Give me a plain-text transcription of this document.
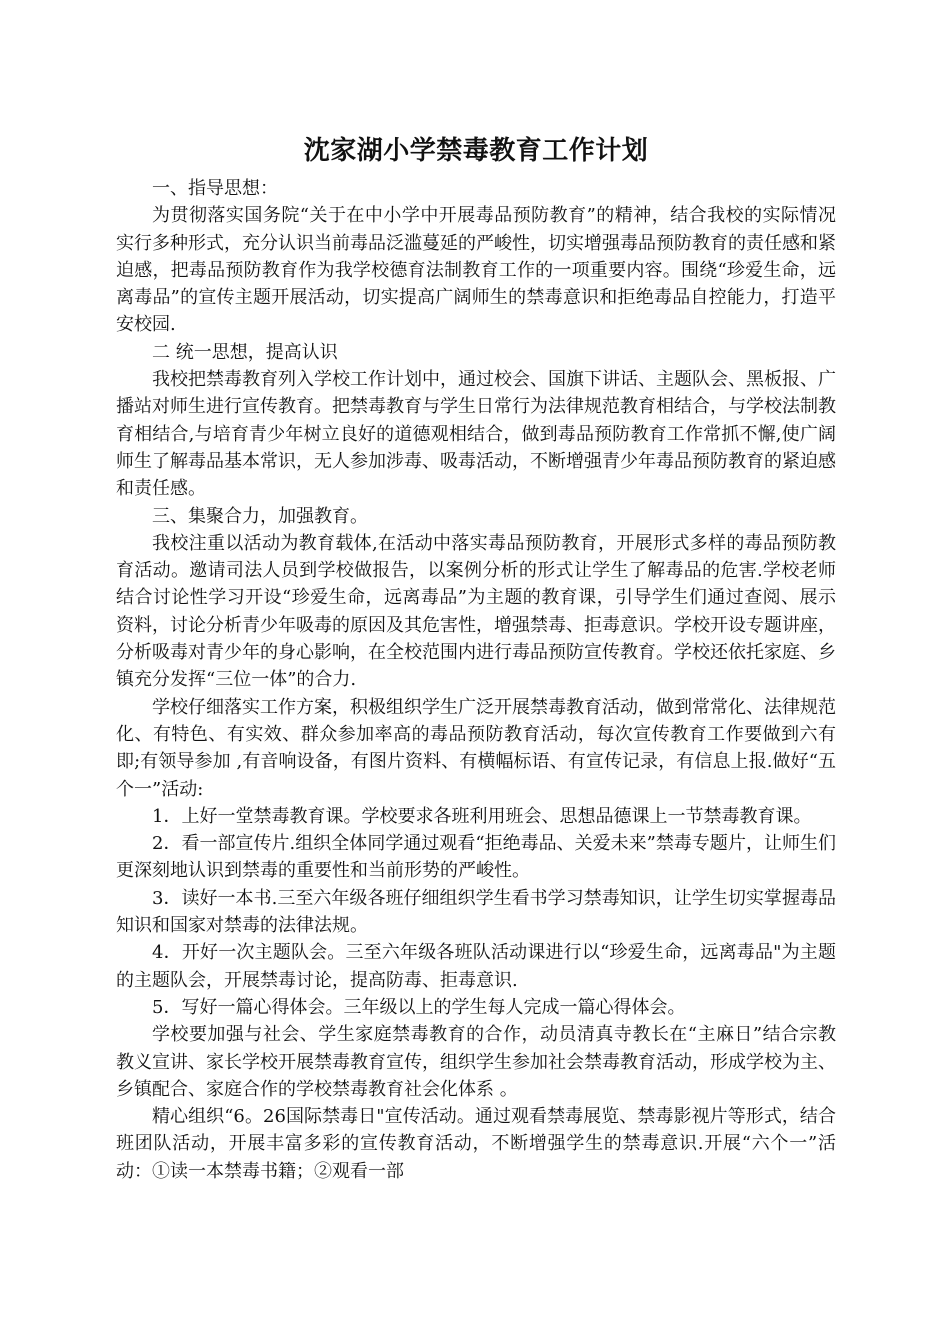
沈家湖小学禁毒教育工作计划

一、指导思想：

为贯彻落实国务院“关于在中小学中开展毒品预防教育”的精神，结合我校的实际情况实行多种形式，充分认识当前毒品泛滥蔓延的严峻性，切实增强毒品预防教育的责任感和紧迫感，把毒品预防教育作为我学校德育法制教育工作的一项重要内容。围绕“珍爱生命，远离毒品”的宣传主题开展活动，切实提高广阔师生的禁毒意识和拒绝毒品自控能力，打造平安校园.

二 统一思想，提高认识

我校把禁毒教育列入学校工作计划中，通过校会、国旗下讲话、主题队会、黑板报、广播站对师生进行宣传教育。把禁毒教育与学生日常行为法律规范教育相结合，与学校法制教育相结合,与培育青少年树立良好的道德观相结合，做到毒品预防教育工作常抓不懈,使广阔师生了解毒品基本常识，无人参加涉毒、吸毒活动，不断增强青少年毒品预防教育的紧迫感和责任感。

三、集聚合力，加强教育。

我校注重以活动为教育载体,在活动中落实毒品预防教育，开展形式多样的毒品预防教育活动。邀请司法人员到学校做报告，以案例分析的形式让学生了解毒品的危害.学校老师结合讨论性学习开设“珍爱生命，远离毒品”为主题的教育课，引导学生们通过查阅、展示资料，讨论分析青少年吸毒的原因及其危害性，增强禁毒、拒毒意识。学校开设专题讲座，分析吸毒对青少年的身心影响，在全校范围内进行毒品预防宣传教育。学校还依托家庭、乡镇充分发挥“三位一体”的合力.

学校仔细落实工作方案，积极组织学生广泛开展禁毒教育活动，做到常常化、法律规范化、有特色、有实效、群众参加率高的毒品预防教育活动，每次宣传教育工作要做到六有即;有领导参加 ,有音响设备，有图片资料、有横幅标语、有宣传记录，有信息上报.做好“五个一”活动:

1．上好一堂禁毒教育课。学校要求各班利用班会、思想品德课上一节禁毒教育课。

2．看一部宣传片.组织全体同学通过观看“拒绝毒品、关爱未来”禁毒专题片，让师生们更深刻地认识到禁毒的重要性和当前形势的严峻性。

3．读好一本书.三至六年级各班仔细组织学生看书学习禁毒知识，让学生切实掌握毒品知识和国家对禁毒的法律法规。

4．开好一次主题队会。三至六年级各班队活动课进行以“珍爱生命，远离毒品"为主题的主题队会，开展禁毒讨论，提高防毒、拒毒意识.

5．写好一篇心得体会。三年级以上的学生每人完成一篇心得体会。

学校要加强与社会、学生家庭禁毒教育的合作，动员清真寺教长在“主麻日”结合宗教教义宣讲、家长学校开展禁毒教育宣传，组织学生参加社会禁毒教育活动，形成学校为主、乡镇配合、家庭合作的学校禁毒教育社会化体系 。

精心组织“6。26国际禁毒日"宣传活动。通过观看禁毒展览、禁毒影视片等形式，结合班团队活动，开展丰富多彩的宣传教育活动，不断增强学生的禁毒意识.开展“六个一”活动：①读一本禁毒书籍；②观看一部
